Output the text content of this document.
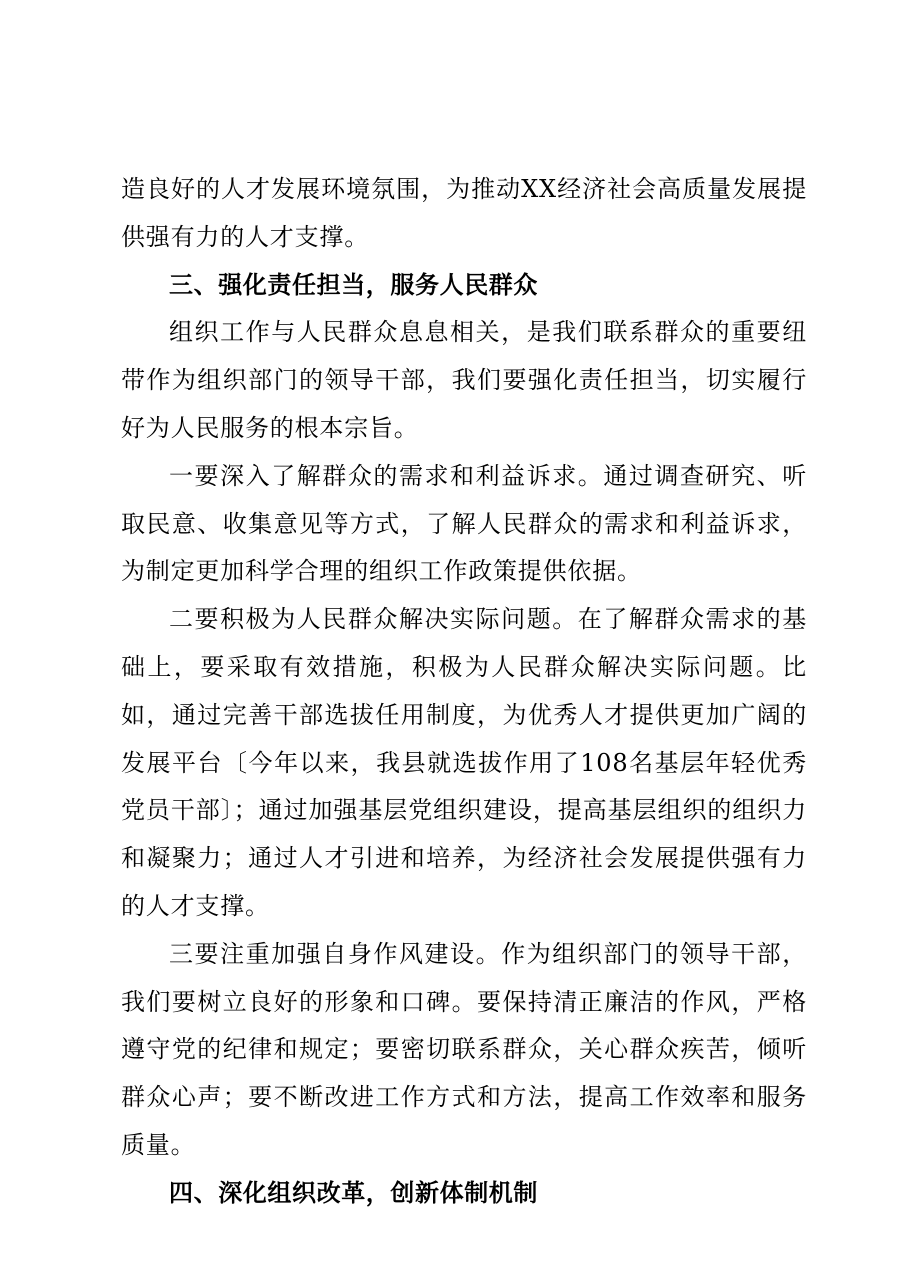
造良好的人才发展环境氛围，为推动XX经济社会高质量发展提供强有力的人才支撑。

三、强化责任担当，服务人民群众

组织工作与人民群众息息相关，是我们联系群众的重要纽带作为组织部门的领导干部，我们要强化责任担当，切实履行好为人民服务的根本宗旨。

一要深入了解群众的需求和利益诉求。通过调查研究、听取民意、收集意见等方式，了解人民群众的需求和利益诉求，为制定更加科学合理的组织工作政策提供依据。

二要积极为人民群众解决实际问题。在了解群众需求的基础上，要采取有效措施，积极为人民群众解决实际问题。比如，通过完善干部选拔任用制度，为优秀人才提供更加广阔的发展平台〔今年以来，我县就选拔作用了108名基层年轻优秀党员干部〕；通过加强基层党组织建设，提高基层组织的组织力和凝聚力；通过人才引进和培养，为经济社会发展提供强有力的人才支撑。

三要注重加强自身作风建设。作为组织部门的领导干部，我们要树立良好的形象和口碑。要保持清正廉洁的作风，严格遵守党的纪律和规定；要密切联系群众，关心群众疾苦，倾听群众心声；要不断改进工作方式和方法，提高工作效率和服务质量。

四、深化组织改革，创新体制机制
